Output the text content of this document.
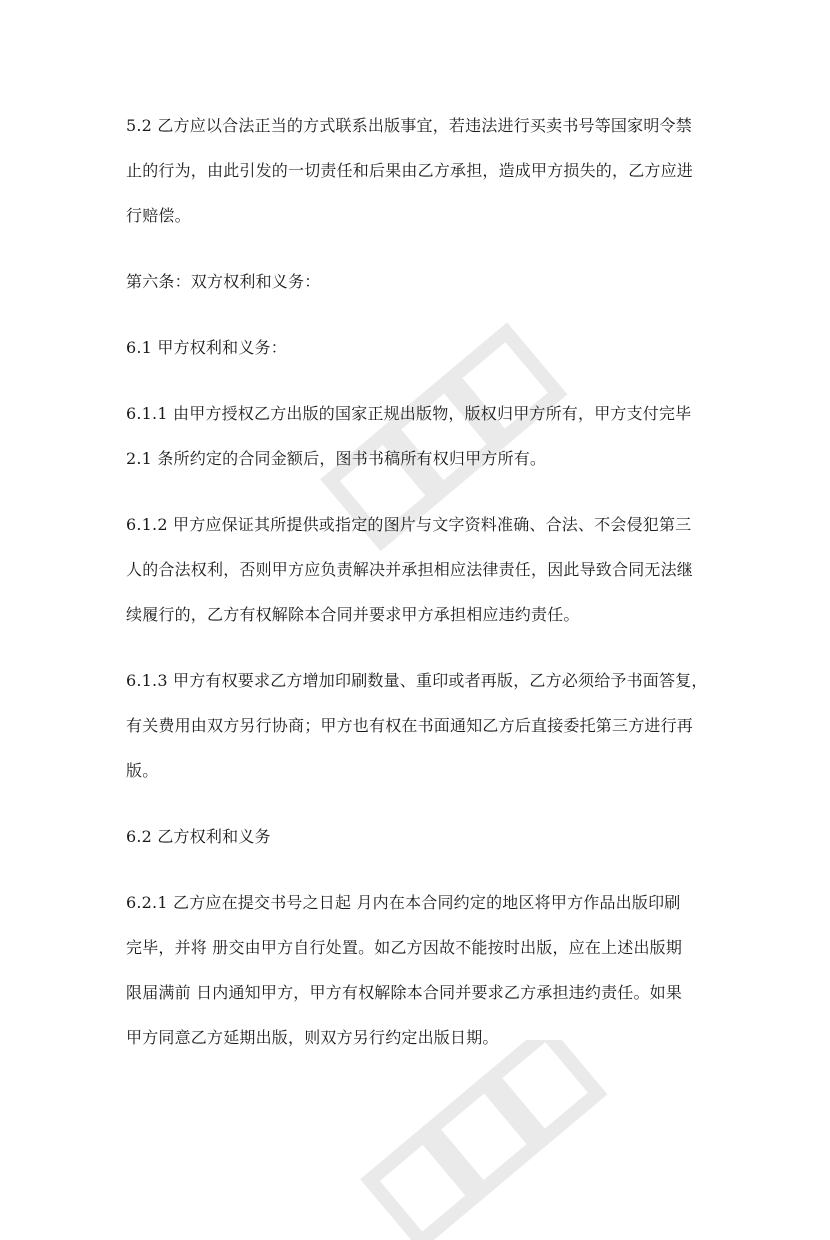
5.2 乙方应以合法正当的方式联系出版事宜，若违法进行买卖书号等国家明令禁
止的行为，由此引发的一切责任和后果由乙方承担，造成甲方损失的，乙方应进
行赔偿。

第六条：双方权利和义务：

6.1 甲方权利和义务：

6.1.1 由甲方授权乙方出版的国家正规出版物，版权归甲方所有，甲方支付完毕
2.1 条所约定的合同金额后，图书书稿所有权归甲方所有。

6.1.2 甲方应保证其所提供或指定的图片与文字资料准确、合法、不会侵犯第三
人的合法权利，否则甲方应负责解决并承担相应法律责任，因此导致合同无法继
续履行的，乙方有权解除本合同并要求甲方承担相应违约责任。

6.1.3 甲方有权要求乙方增加印刷数量、重印或者再版，乙方必须给予书面答复，
有关费用由双方另行协商；甲方也有权在书面通知乙方后直接委托第三方进行再
版。

6.2 乙方权利和义务

6.2.1 乙方应在提交书号之日起 月内在本合同约定的地区将甲方作品出版印刷
完毕，并将 册交由甲方自行处置。如乙方因故不能按时出版，应在上述出版期
限届满前 日内通知甲方，甲方有权解除本合同并要求乙方承担违约责任。如果
甲方同意乙方延期出版，则双方另行约定出版日期。
